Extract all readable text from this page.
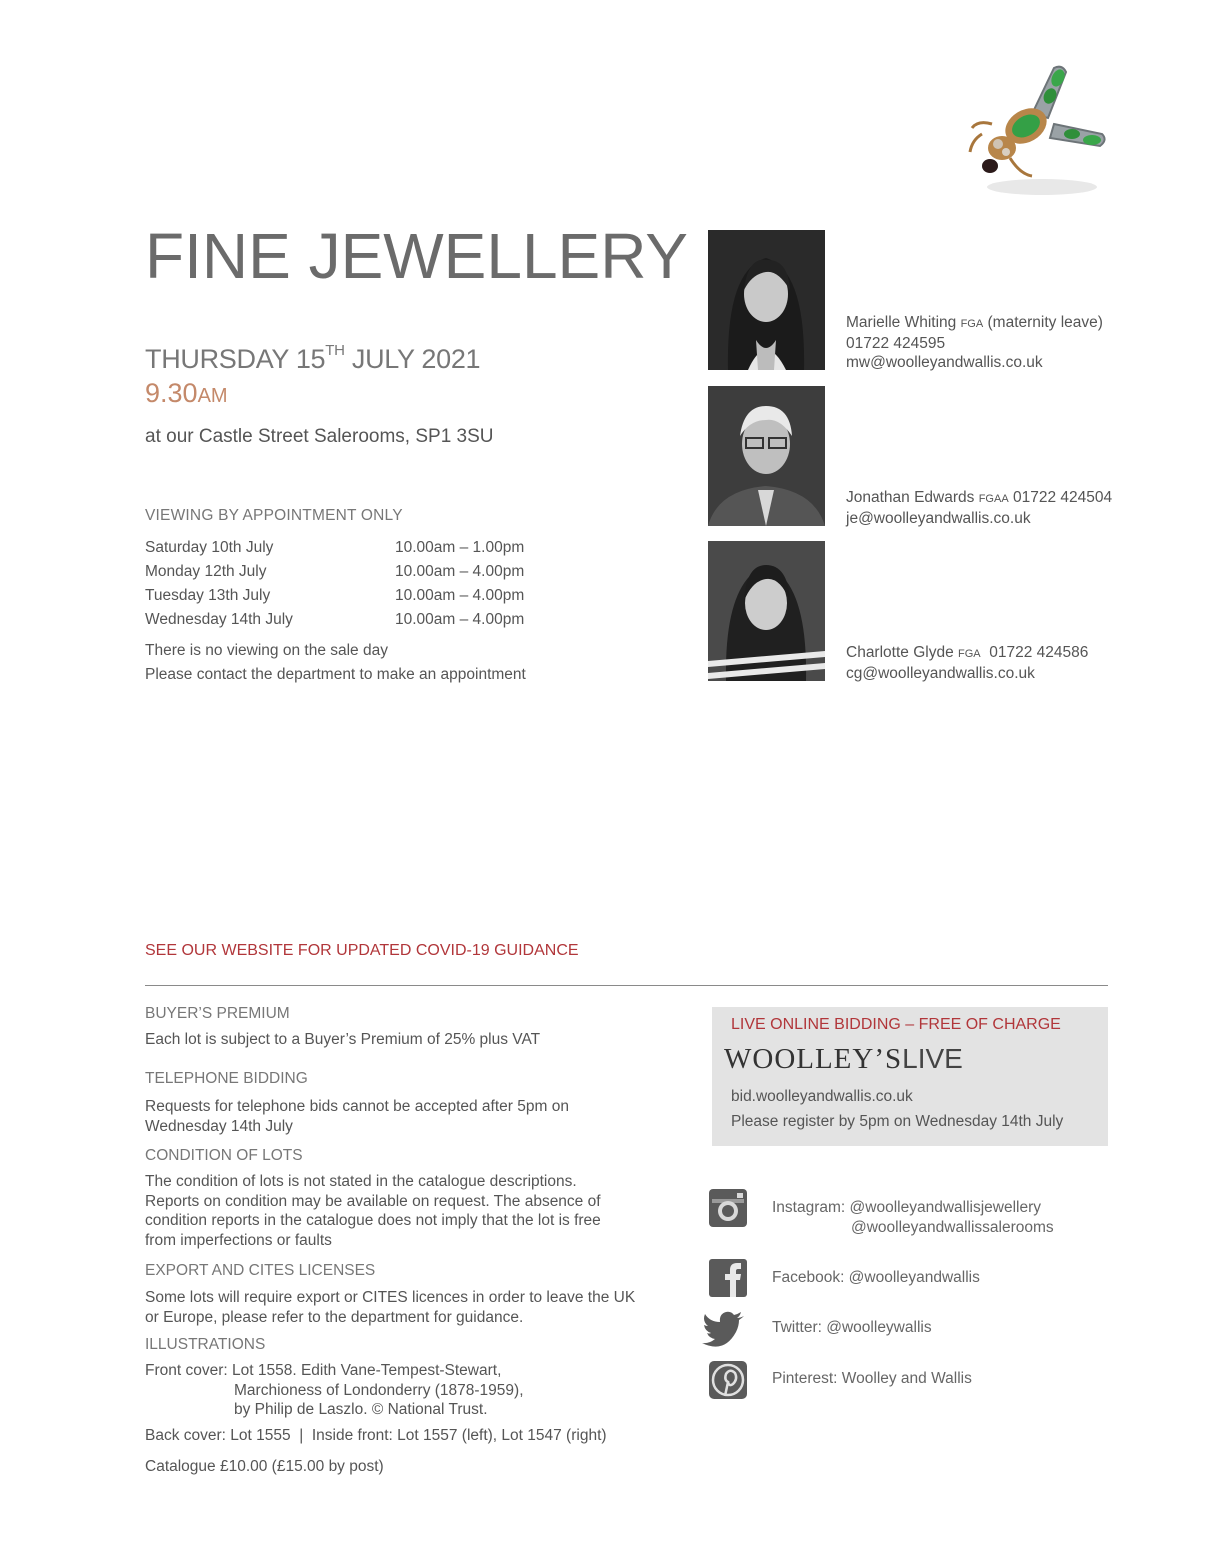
FINE JEWELLERY
THURSDAY 15TH JULY 2021
9.30AM
at our Castle Street Salerooms, SP1 3SU
VIEWING BY APPOINTMENT ONLY
Saturday 10th July	10.00am – 1.00pm
Monday 12th July	10.00am – 4.00pm
Tuesday 13th July	10.00am – 4.00pm
Wednesday 14th July	10.00am – 4.00pm
There is no viewing on the sale day
Please contact the department to make an appointment
Marielle Whiting FGA (maternity leave)
01722 424595
mw@woolleyandwallis.co.uk
Jonathan Edwards FGAA 01722 424504
je@woolleyandwallis.co.uk
Charlotte Glyde FGA 01722 424586
cg@woolleyandwallis.co.uk
SEE OUR WEBSITE FOR UPDATED COVID-19 GUIDANCE
BUYER’S PREMIUM
Each lot is subject to a Buyer’s Premium of 25% plus VAT
TELEPHONE BIDDING
Requests for telephone bids cannot be accepted after 5pm on
Wednesday 14th July
CONDITION OF LOTS
The condition of lots is not stated in the catalogue descriptions.
Reports on condition may be available on request. The absence of
condition reports in the catalogue does not imply that the lot is free
from imperfections or faults
EXPORT AND CITES LICENSES
Some lots will require export or CITES licences in order to leave the UK
or Europe, please refer to the department for guidance.
ILLUSTRATIONS
Front cover: Lot 1558. Edith Vane-Tempest-Stewart,
Marchioness of Londonderry (1878-1959),
by Philip de Laszlo. © National Trust.
Back cover: Lot 1555  |  Inside front: Lot 1557 (left), Lot 1547 (right)
Catalogue £10.00 (£15.00 by post)
LIVE ONLINE BIDDING – FREE OF CHARGE
WOOLLEY’SLIVE
bid.woolleyandwallis.co.uk
Please register by 5pm on Wednesday 14th July
Instagram: @woolleyandwallisjewellery
@woolleyandwallissalerooms
Facebook: @woolleyandwallis
Twitter: @woolleywallis
Pinterest: Woolley and Wallis
